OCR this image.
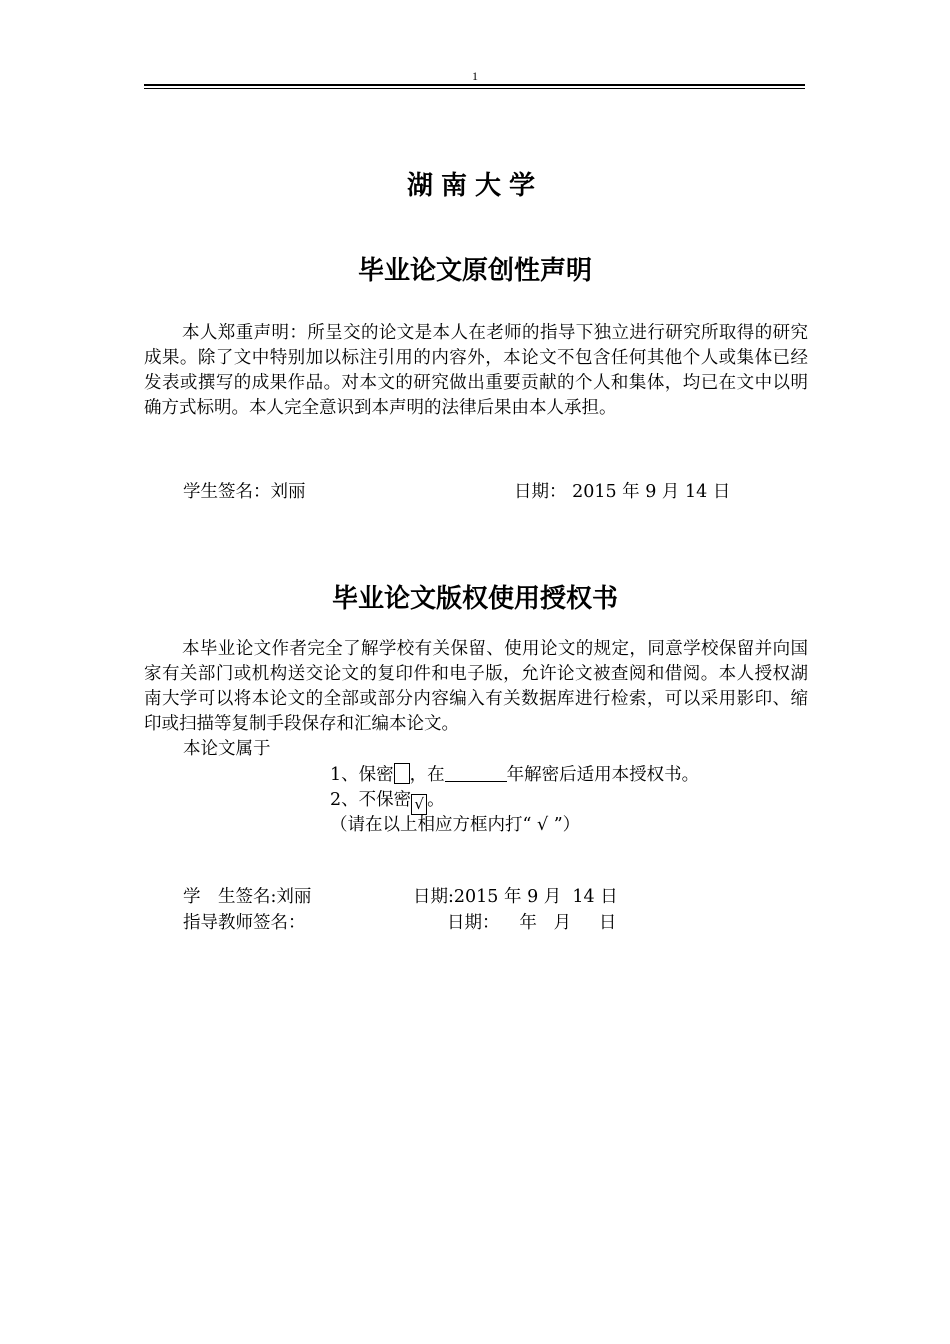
1
湖南大学
毕业论文原创性声明
本人郑重声明：所呈交的论文是本人在老师的指导下独立进行研究所取得的研究成果。除了文中特别加以标注引用的内容外，本论文不包含任何其他个人或集体已经发表或撰写的成果作品。对本文的研究做出重要贡献的个人和集体，均已在文中以明确方式标明。本人完全意识到本声明的法律后果由本人承担。
学生签名：刘丽	日期： 2015 年 9 月 14 日
毕业论文版权使用授权书
本毕业论文作者完全了解学校有关保留、使用论文的规定，同意学校保留并向国家有关部门或机构送交论文的复印件和电子版，允许论文被查阅和借阅。本人授权湖南大学可以将本论文的全部或部分内容编入有关数据库进行检索，可以采用影印、缩印或扫描等复制手段保存和汇编本论文。
本论文属于
1、保密 ，在	年解密后适用本授权书。
2、不保密 √ 。
（请在以上相应方框内打“ √ ”）
学　生签名:刘丽	日期:2015 年 9 月  14 日
指导教师签名：	日期：　  年   月     日
